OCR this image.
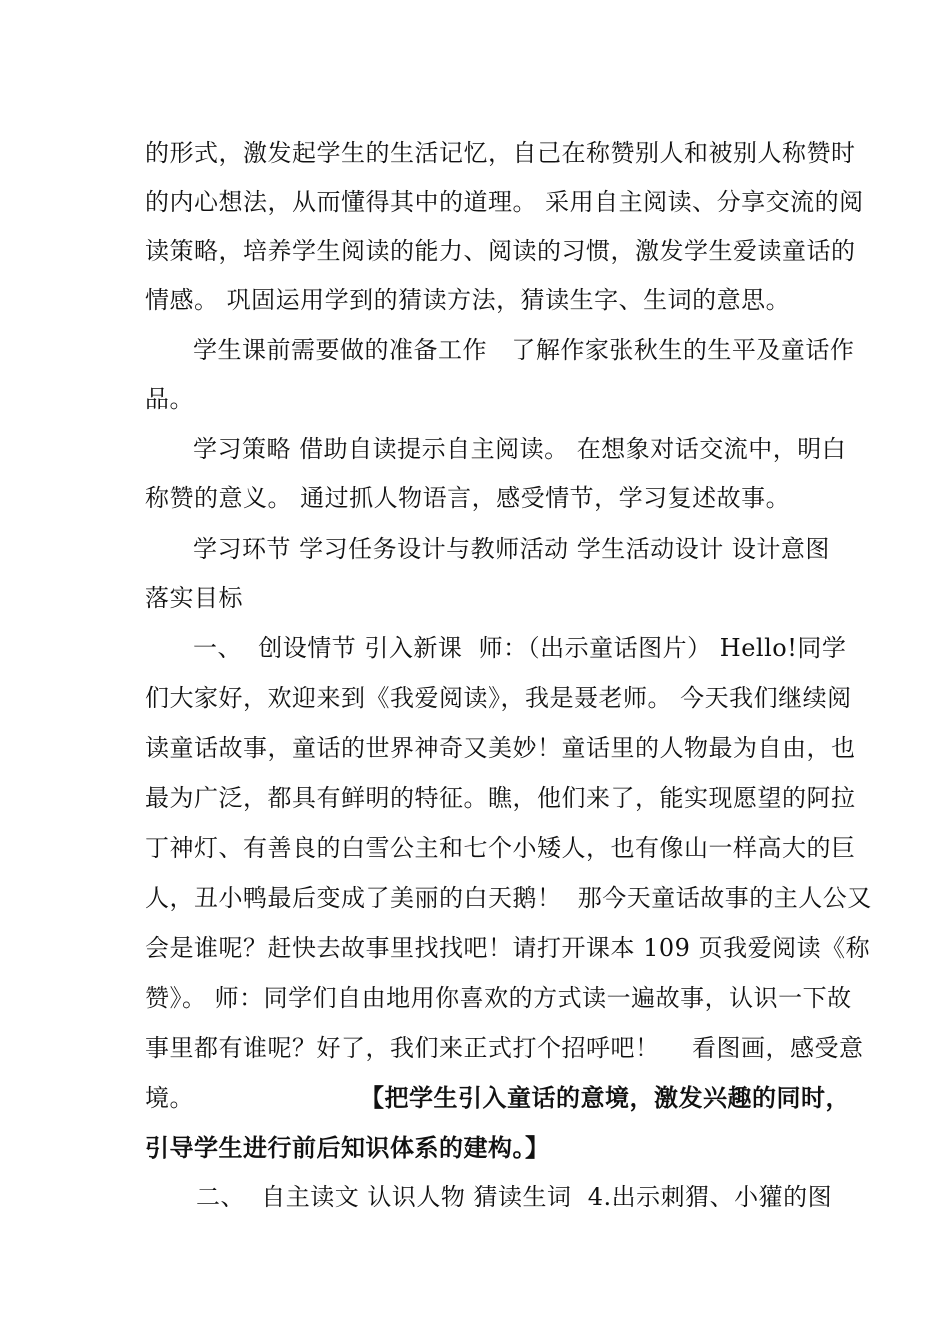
的形式，激发起学生的生活记忆，自己在称赞别人和被别人称赞时
的内心想法，从而懂得其中的道理。 采用自主阅读、分享交流的阅
读策略，培养学生阅读的能力、阅读的习惯，激发学生爱读童话的
情感。 巩固运用学到的猜读方法，猜读生字、生词的意思。
学生课前需要做的准备工作   了解作家张秋生的生平及童话作
品。
学习策略 借助自读提示自主阅读。 在想象对话交流中，明白
称赞的意义。 通过抓人物语言，感受情节，学习复述故事。
学习环节 学习任务设计与教师活动 学生活动设计 设计意图
落实目标
一、  创设情节 引入新课  师：（出示童话图片） Hello!同学
们大家好，欢迎来到《我爱阅读》，我是聂老师。 今天我们继续阅
读童话故事，童话的世界神奇又美妙！童话里的人物最为自由，也
最为广泛，都具有鲜明的特征。瞧，他们来了，能实现愿望的阿拉
丁神灯、有善良的白雪公主和七个小矮人，也有像山一样高大的巨
人，丑小鸭最后变成了美丽的白天鹅！  那今天童话故事的主人公又
会是谁呢？赶快去故事里找找吧！请打开课本 109 页我爱阅读《称
赞》。 师：同学们自由地用你喜欢的方式读一遍故事，认识一下故
事里都有谁呢？好了，我们来正式打个招呼吧！    看图画，感受意
境。	【把学生引入童话的意境，激发兴趣的同时，
引导学生进行前后知识体系的建构。】
二、  自主读文 认识人物 猜读生词  4.出示刺猬、小獾的图
